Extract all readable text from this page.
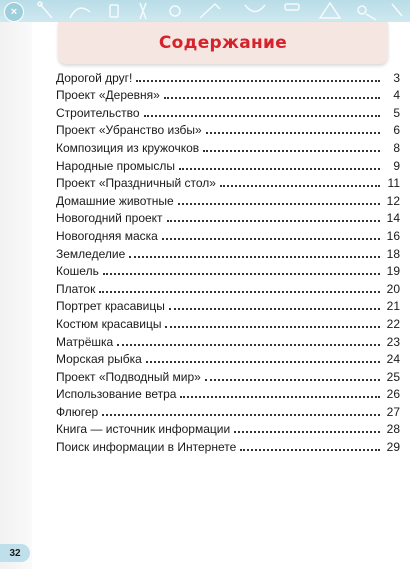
×
Содержание
Дорогой друг!	3
Проект «Деревня»	4
Строительство	5
Проект «Убранство избы»	6
Композиция из кружочков	8
Народные промыслы	9
Проект «Праздничный стол»	11
Домашние животные	12
Новогодний проект	14
Новогодняя маска	16
Земледелие	18
Кошель	19
Платок	20
Портрет красавицы	21
Костюм красавицы	22
Матрёшка	23
Морская рыбка	24
Проект «Подводный мир»	25
Использование ветра	26
Флюгер	27
Книга — источник информации	28
Поиск информации в Интернете	29
32
